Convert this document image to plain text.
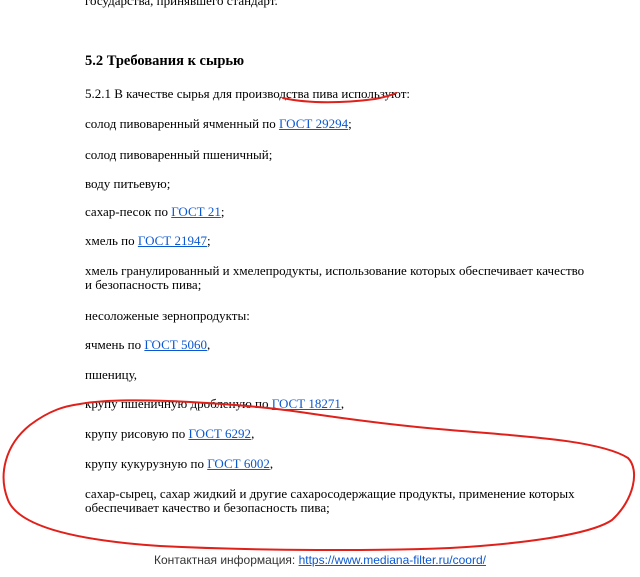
государства, принявшего стандарт.

5.2 Требования к сырью

5.2.1 В качестве сырья для производства пива используют:

солод пивоваренный ячменный по ГОСТ 29294;

солод пивоваренный пшеничный;

воду питьевую;

сахар-песок по ГОСТ 21;

хмель по ГОСТ 21947;

хмель гранулированный и хмелепродукты, использование которых обеспечивает качество

и безопасность пива;

несоложеные зернопродукты:

ячмень по ГОСТ 5060,

пшеницу,

крупу пшеничную дробленую по ГОСТ 18271,

крупу рисовую по ГОСТ 6292,

крупу кукурузную по ГОСТ 6002,

сахар-сырец, сахар жидкий и другие сахаросодержащие продукты, применение которых

обеспечивает качество и безопасность пива;

Контактная информация: https://www.mediana-filter.ru/coord/
